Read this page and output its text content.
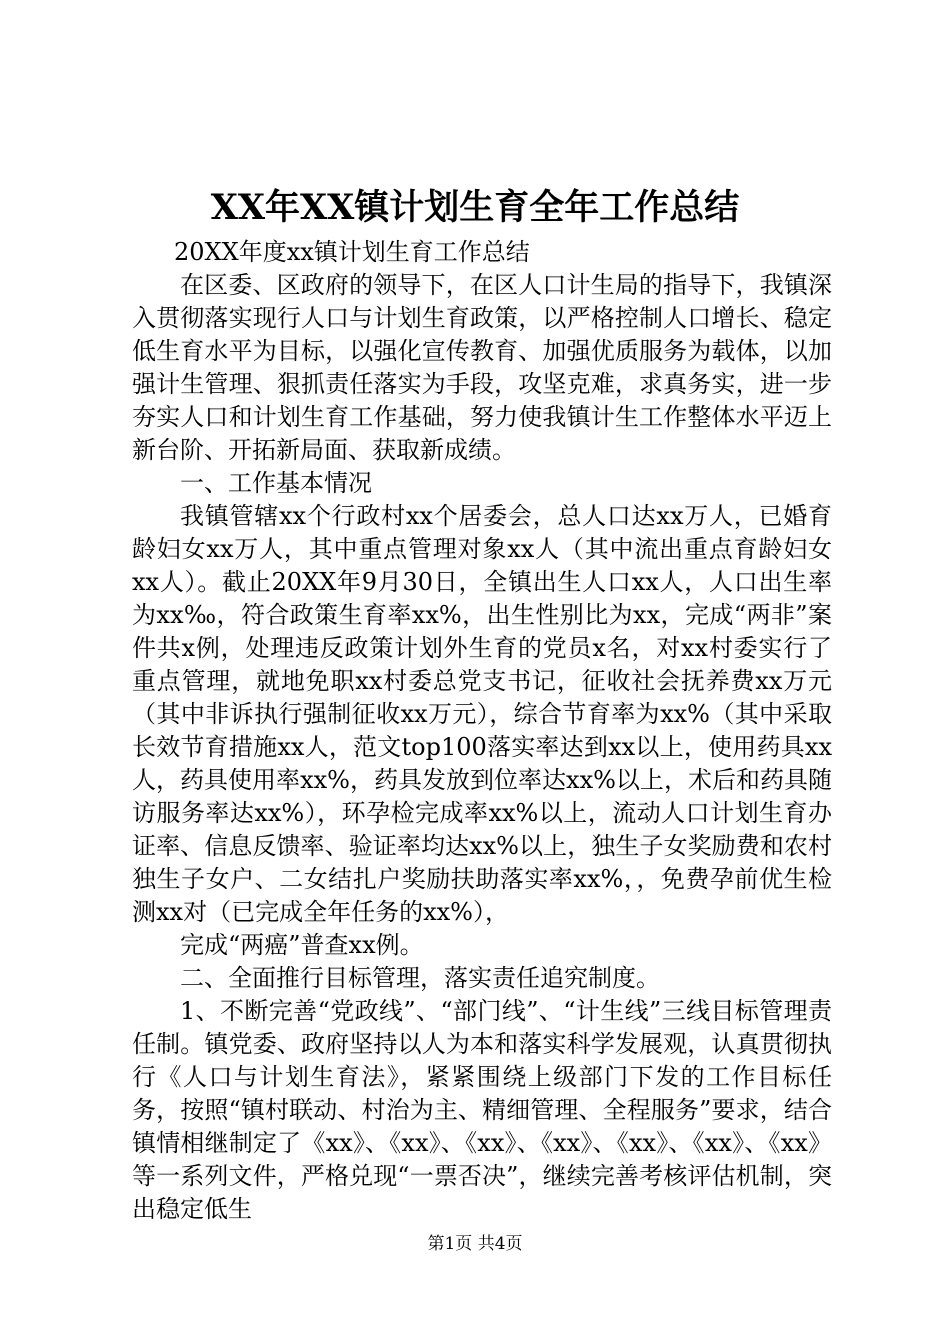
XX年XX镇计划生育全年工作总结

20XX年度xx镇计划生育工作总结

在区委、区政府的领导下，在区人口计生局的指导下，我镇深入贯彻落实现行人口与计划生育政策，以严格控制人口增长、稳定低生育水平为目标，以强化宣传教育、加强优质服务为载体，以加强计生管理、狠抓责任落实为手段，攻坚克难，求真务实，进一步夯实人口和计划生育工作基础，努力使我镇计生工作整体水平迈上新台阶、开拓新局面、获取新成绩。

一、工作基本情况

我镇管辖xx个行政村xx个居委会，总人口达xx万人，已婚育龄妇女xx万人，其中重点管理对象xx人（其中流出重点育龄妇女xx人）。截止20XX年9月30日，全镇出生人口xx人，人口出生率为xx‰，符合政策生育率xx%，出生性别比为xx，完成“两非”案件共x例，处理违反政策计划外生育的党员x名，对xx村委实行了重点管理，就地免职xx村委总党支书记，征收社会抚养费xx万元（其中非诉执行强制征收xx万元），综合节育率为xx%（其中采取长效节育措施xx人，范文top100落实率达到xx以上，使用药具xx人，药具使用率xx%，药具发放到位率达xx%以上，术后和药具随访服务率达xx%），环孕检完成率xx%以上，流动人口计划生育办证率、信息反馈率、验证率均达xx%以上，独生子女奖励费和农村独生子女户、二女结扎户奖励扶助落实率xx%，，免费孕前优生检测xx对（已完成全年任务的xx%），

完成“两癌”普查xx例。

二、全面推行目标管理，落实责任追究制度。

1、不断完善“党政线”、“部门线”、“计生线”三线目标管理责任制。镇党委、政府坚持以人为本和落实科学发展观，认真贯彻执行《人口与计划生育法》，紧紧围绕上级部门下发的工作目标任务，按照“镇村联动、村治为主、精细管理、全程服务”要求，结合镇情相继制定了《xx》、《xx》、《xx》、《xx》、《xx》、《xx》、《xx》等一系列文件，严格兑现“一票否决”，继续完善考核评估机制，突出稳定低生

第1页 共4页
